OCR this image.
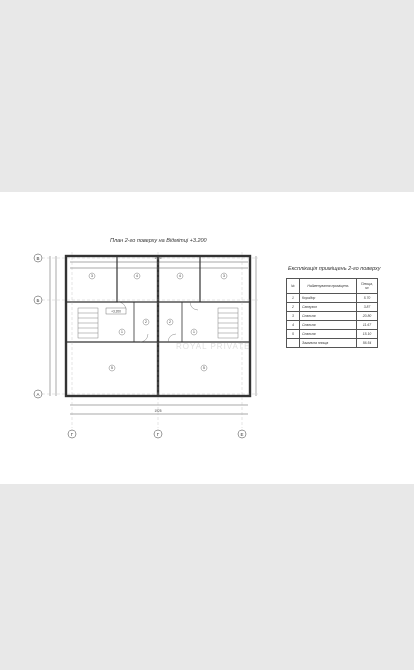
План 2-го поверху на Відмітці +3.200
В
Б
А
Г	Г	Е
1925
1925
3	3
4	4
1	1
2	2
5	5
+3.200
ROYAL PRIVATE
Експлікація приміщень 2-го поверху
№	Найменування приміщень	Площа, м²
1	Коридор	5.70
2	Санвузол	3.87
3	Спальня	20.80
4	Спальня	11.67
5	Спальня	15.10
	Загальна площа	56.54
